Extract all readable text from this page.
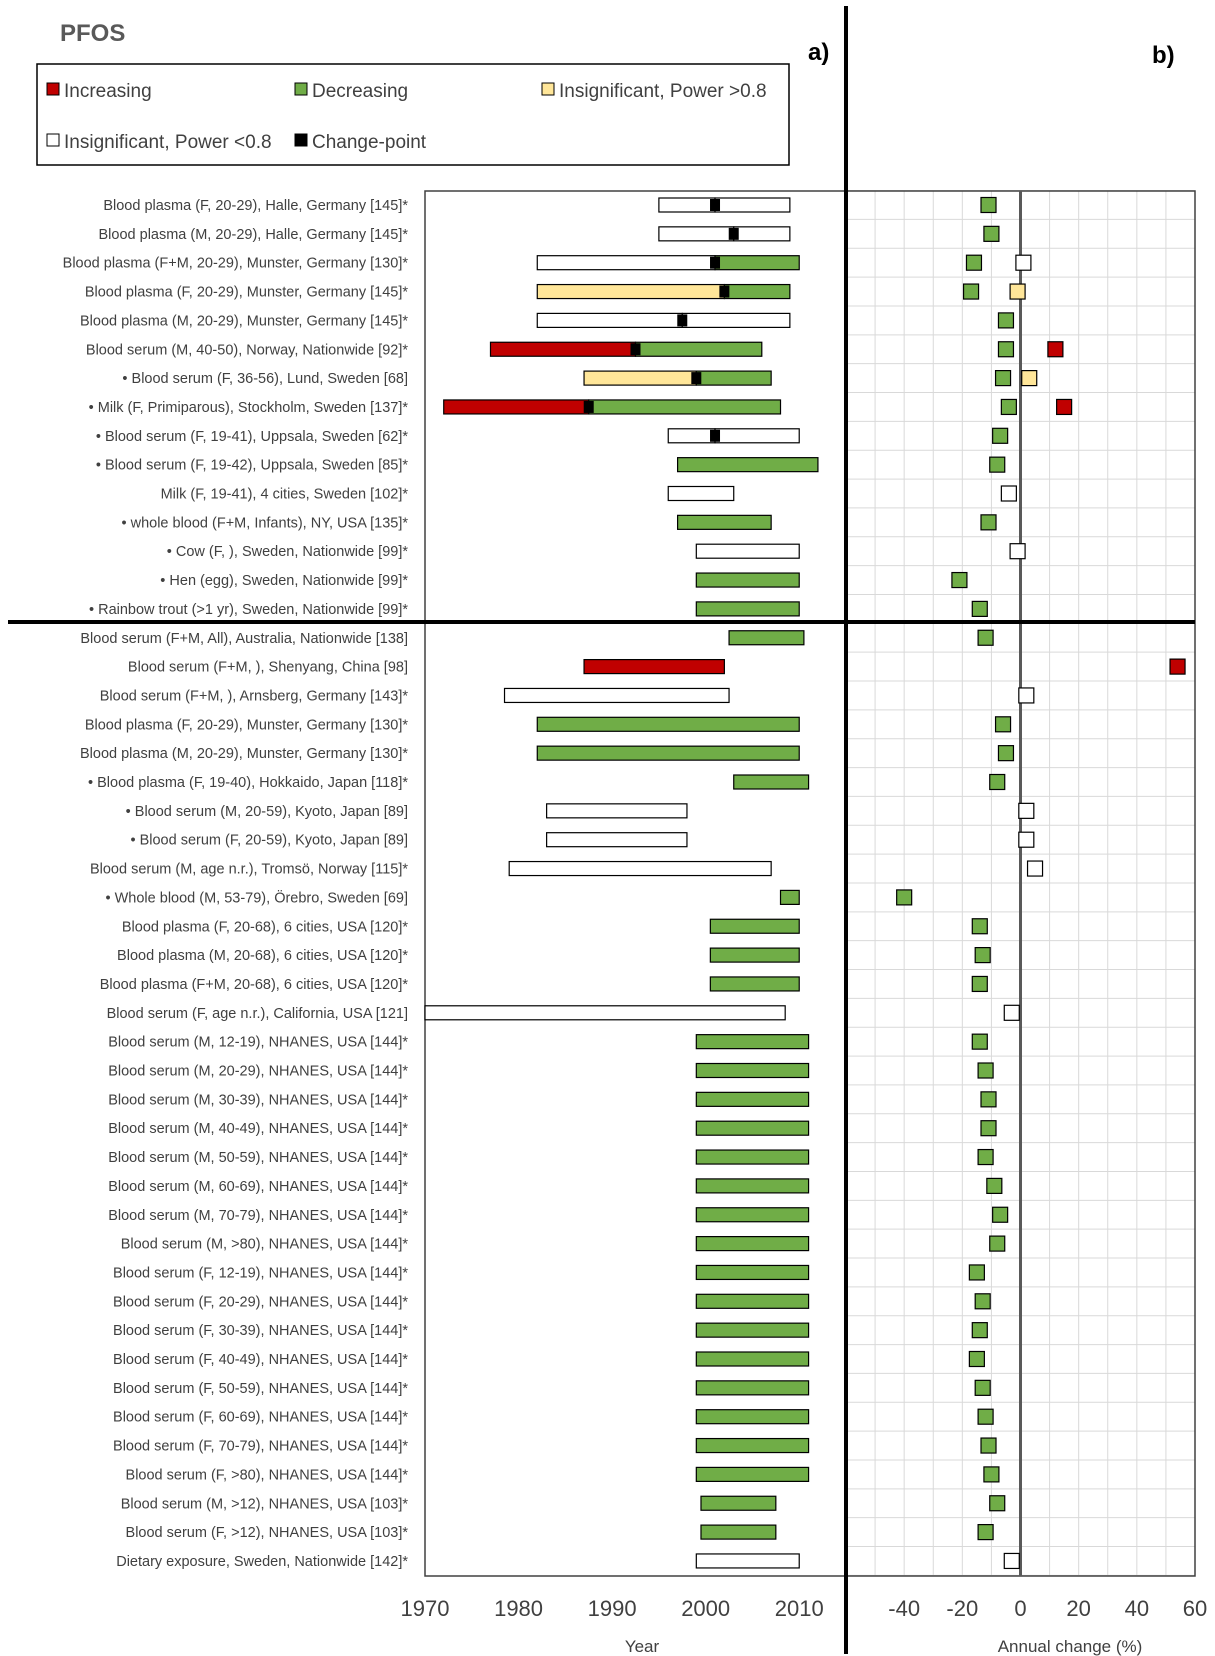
PFOS
a)	b)
Increasing	Decreasing	Insignificant, Power >0.8
Insignificant, Power <0.8 Change-point
Blood plasma (F, 20-29), Halle, Germany [145]*
Blood plasma (M, 20-29), Halle, Germany [145]*
Blood plasma (F+M, 20-29), Munster, Germany [130]*
Blood plasma (F, 20-29), Munster, Germany [145]*
Blood plasma (M, 20-29), Munster, Germany [145]*
Blood serum (M, 40-50), Norway, Nationwide [92]*
• Blood serum (F, 36-56), Lund, Sweden [68]
• Milk (F, Primiparous), Stockholm, Sweden [137]*
• Blood serum (F, 19-41), Uppsala, Sweden [62]*
• Blood serum (F, 19-42), Uppsala, Sweden [85]*
Milk (F, 19-41), 4 cities, Sweden [102]*
• whole blood (F+M, Infants), NY, USA [135]*
• Cow (F, ), Sweden, Nationwide [99]*
• Hen (egg), Sweden, Nationwide [99]*
• Rainbow trout (>1 yr), Sweden, Nationwide [99]*
Blood serum (F+M, All), Australia, Nationwide [138]
Blood serum (F+M, ), Shenyang, China [98]
Blood serum (F+M, ), Arnsberg, Germany [143]*
Blood plasma (F, 20-29), Munster, Germany [130]*
Blood plasma (M, 20-29), Munster, Germany [130]*
• Blood plasma (F, 19-40), Hokkaido, Japan [118]*
• Blood serum (M, 20-59), Kyoto, Japan [89]
• Blood serum (F, 20-59), Kyoto, Japan [89]
Blood serum (M, age n.r.), Tromsö, Norway [115]*
• Whole blood (M, 53-79), Örebro, Sweden [69]
Blood plasma (F, 20-68), 6 cities, USA [120]*
Blood plasma (M, 20-68), 6 cities, USA [120]*
Blood plasma (F+M, 20-68), 6 cities, USA [120]*
Blood serum (F, age n.r.), California, USA [121]
Blood serum (M, 12-19), NHANES, USA [144]*
Blood serum (M, 20-29), NHANES, USA [144]*
Blood serum (M, 30-39), NHANES, USA [144]*
Blood serum (M, 40-49), NHANES, USA [144]*
Blood serum (M, 50-59), NHANES, USA [144]*
Blood serum (M, 60-69), NHANES, USA [144]*
Blood serum (M, 70-79), NHANES, USA [144]*
Blood serum (M, >80), NHANES, USA [144]*
Blood serum (F, 12-19), NHANES, USA [144]*
Blood serum (F, 20-29), NHANES, USA [144]*
Blood serum (F, 30-39), NHANES, USA [144]*
Blood serum (F, 40-49), NHANES, USA [144]*
Blood serum (F, 50-59), NHANES, USA [144]*
Blood serum (F, 60-69), NHANES, USA [144]*
Blood serum (F, 70-79), NHANES, USA [144]*
Blood serum (F, >80), NHANES, USA [144]*
Blood serum (M, >12), NHANES, USA [103]*
Blood serum (F, >12), NHANES, USA [103]*
Dietary exposure, Sweden, Nationwide [142]*
1970 1980 1990 2000 2010	-40 -20 0 20 40 60
Year	Annual change (%)
